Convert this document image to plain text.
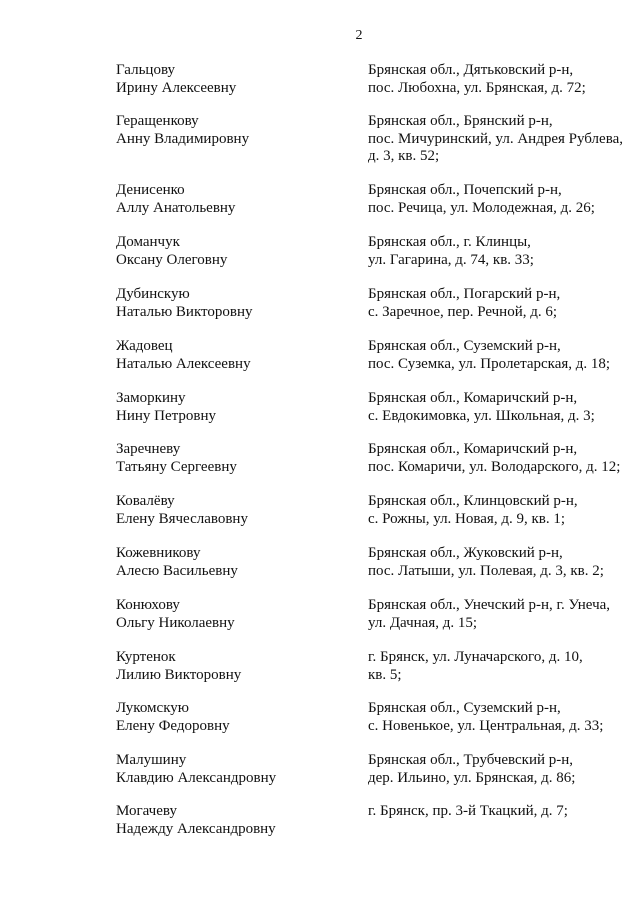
2
Гальцову
Ирину Алексеевну
Брянская обл., Дятьковский р-н,
пос. Любохна, ул. Брянская, д. 72;
Геращенкову
Анну Владимировну
Брянская обл., Брянский р-н,
пос. Мичуринский, ул. Андрея Рублева,
д. 3, кв. 52;
Денисенко
Аллу Анатольевну
Брянская обл., Почепский р-н,
пос. Речица, ул. Молодежная, д. 26;
Доманчук
Оксану Олеговну
Брянская обл., г. Клинцы,
ул. Гагарина, д. 74, кв. 33;
Дубинскую
Наталью Викторовну
Брянская обл., Погарский р-н,
с. Заречное, пер. Речной, д. 6;
Жадовец
Наталью Алексеевну
Брянская обл., Суземский р-н,
пос. Суземка, ул. Пролетарская, д. 18;
Заморкину
Нину Петровну
Брянская обл., Комаричский р-н,
с. Евдокимовка, ул. Школьная, д. 3;
Заречневу
Татьяну Сергеевну
Брянская обл., Комаричский р-н,
пос. Комаричи, ул. Володарского, д. 12;
Ковалёву
Елену Вячеславовну
Брянская обл., Клинцовский р-н,
с. Рожны, ул. Новая, д. 9, кв. 1;
Кожевникову
Алесю Васильевну
Брянская обл., Жуковский р-н,
пос. Латыши, ул. Полевая, д. 3, кв. 2;
Конюхову
Ольгу Николаевну
Брянская обл., Унечский р-н, г. Унеча,
ул. Дачная, д. 15;
Куртенок
Лилию Викторовну
г. Брянск, ул. Луначарского, д. 10,
кв. 5;
Лукомскую
Елену Федоровну
Брянская обл., Суземский р-н,
с. Новенькое, ул. Центральная, д. 33;
Малушину
Клавдию Александровну
Брянская обл., Трубчевский р-н,
дер. Ильино, ул. Брянская, д. 86;
Могачеву
Надежду Александровну
г. Брянск, пр. 3-й Ткацкий, д. 7;
